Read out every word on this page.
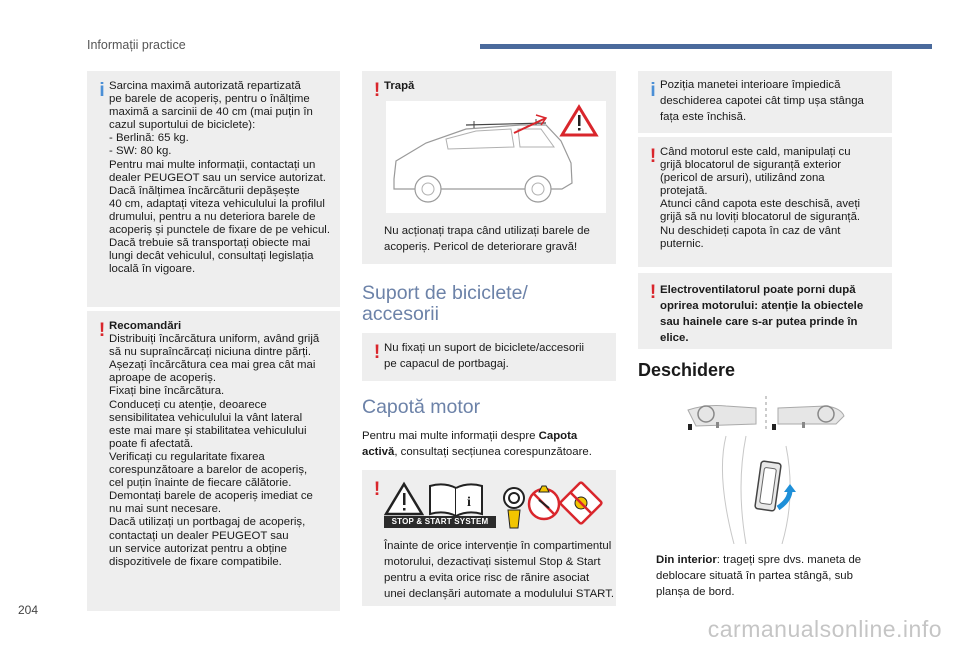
Informații practice
i Sarcina maximă autorizată repartizată
pe barele de acoperiș, pentru o înălțime
maximă a sarcinii de 40 cm (mai puțin în
cazul suportului de biciclete):
- Berlină: 65 kg.
- SW: 80 kg.
Pentru mai multe informații, contactați un
dealer PEUGEOT sau un service autorizat.
Dacă înălțimea încărcăturii depășește
40 cm, adaptați viteza vehiculului la profilul
drumului, pentru a nu deteriora barele de
acoperiș și punctele de fixare de pe vehicul.
Dacă trebuie să transportați obiecte mai
lungi decât vehiculul, consultați legislația
locală în vigoare.
! Recomandări
Distribuiți încărcătura uniform, având grijă
să nu supraîncărcați niciuna dintre părți.
Așezați încărcătura cea mai grea cât mai
aproape de acoperiș.
Fixați bine încărcătura.
Conduceți cu atenție, deoarece
sensibilitatea vehiculului la vânt lateral
este mai mare și stabilitatea vehiculului
poate fi afectată.
Verificați cu regularitate fixarea
corespunzătoare a barelor de acoperiș,
cel puțin înainte de fiecare călătorie.
Demontați barele de acoperiș imediat ce
nu mai sunt necesare.
Dacă utilizați un portbagaj de acoperiș,
contactați un dealer PEUGEOT sau
un service autorizat pentru a obține
dispozitivele de fixare compatibile.
! Trapă
Nu acționați trapa când utilizați barele de
acoperiș. Pericol de deteriorare gravă!
Suport de biciclete/
accesorii
! Nu fixați un suport de biciclete/accesorii
pe capacul de portbagaj.
Capotă motor
Pentru mai multe informații despre Capota
activă, consultați secțiunea corespunzătoare.
!
i
STOP & START SYSTEM
Înainte de orice intervenție în compartimentul
motorului, dezactivați sistemul Stop & Start
pentru a evita orice risc de rănire asociat
unei declanșări automate a modulului START.
i Poziția manetei interioare împiedică
deschiderea capotei cât timp ușa stânga
fața este închisă.
! Când motorul este cald, manipulați cu
grijă blocatorul de siguranță exterior
(pericol de arsuri), utilizând zona
protejată.
Atunci când capota este deschisă, aveți
grijă să nu loviți blocatorul de siguranță.
Nu deschideți capota în caz de vânt
puternic.
! Electroventilatorul poate porni după
oprirea motorului: atenție la obiectele
sau hainele care s-ar putea prinde în
elice.
Deschidere
Din interior: trageți spre dvs. maneta de
deblocare situată în partea stângă, sub
planșa de bord.
204
carmanualsonline.info
